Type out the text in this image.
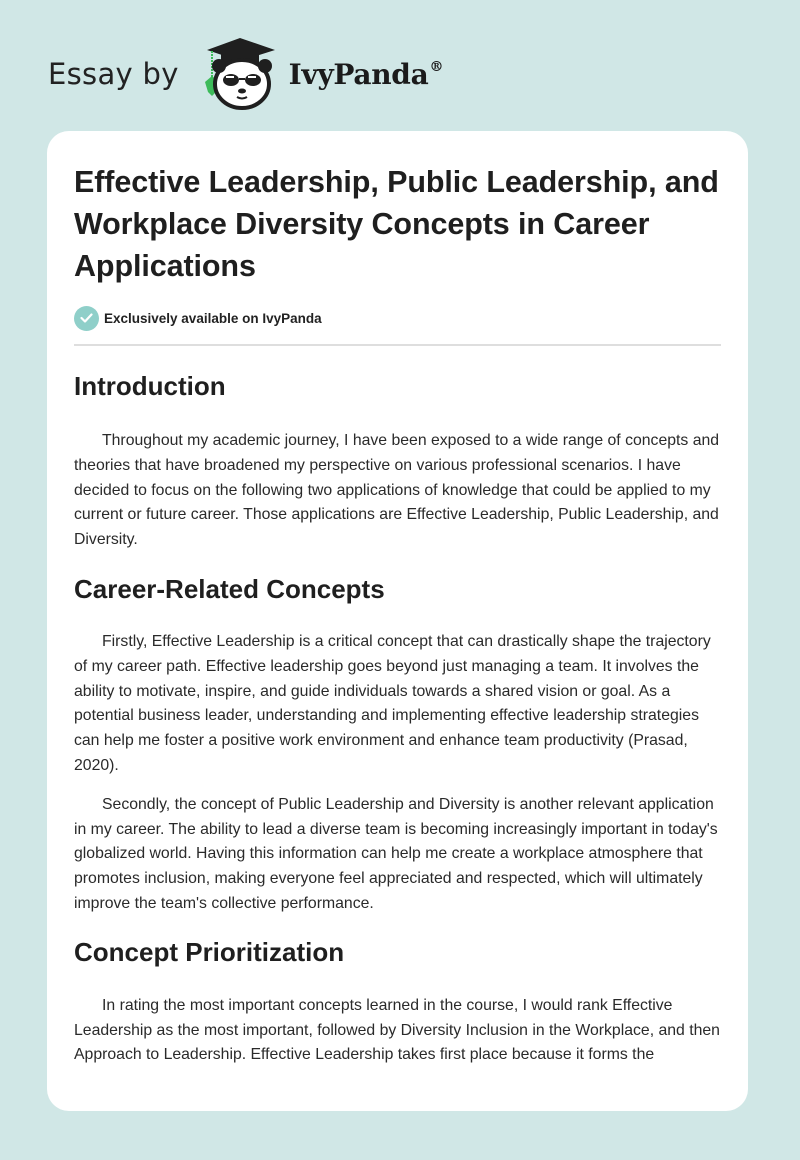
Essay by	IvyPanda®
Effective Leadership, Public Leadership, and Workplace Diversity Concepts in Career Applications
Exclusively available on IvyPanda
Introduction

Throughout my academic journey, I have been exposed to a wide range of concepts and theories that have broadened my perspective on various professional scenarios. I have decided to focus on the following two applications of knowledge that could be applied to my current or future career. Those applications are Effective Leadership, Public Leadership, and Diversity.

Career-Related Concepts

Firstly, Effective Leadership is a critical concept that can drastically shape the trajectory of my career path. Effective leadership goes beyond just managing a team. It involves the ability to motivate, inspire, and guide individuals towards a shared vision or goal. As a potential business leader, understanding and implementing effective leadership strategies can help me foster a positive work environment and enhance team productivity (Prasad, 2020).

Secondly, the concept of Public Leadership and Diversity is another relevant application in my career. The ability to lead a diverse team is becoming increasingly important in today's globalized world. Having this information can help me create a workplace atmosphere that promotes inclusion, making everyone feel appreciated and respected, which will ultimately improve the team's collective performance.

Concept Prioritization

In rating the most important concepts learned in the course, I would rank Effective Leadership as the most important, followed by Diversity Inclusion in the Workplace, and then Approach to Leadership. Effective Leadership takes first place because it forms the
